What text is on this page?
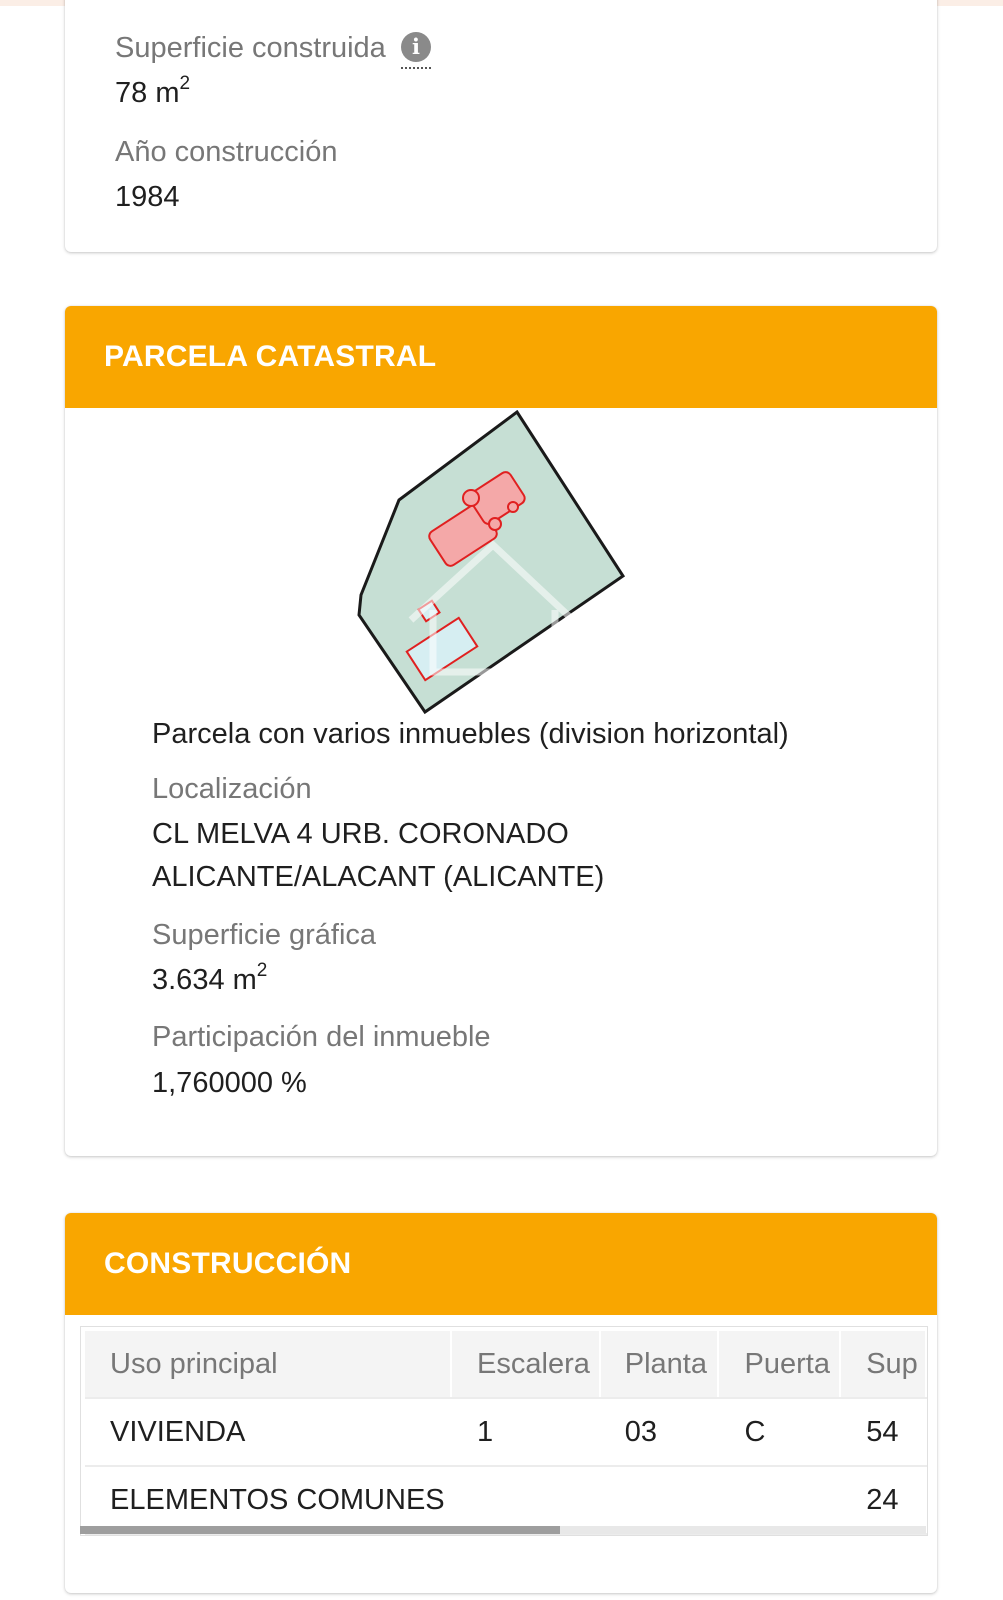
Superficie construida	i
78 $m^2$
Año construcción
1984
PARCELA CATASTRAL
Parcela con varios inmuebles (division horizontal)
Localización
CL MELVA 4 URB. CORONADO
ALICANTE/ALACANT (ALICANTE)
Superficie gráfica
3.634 $m^2$
Participación del inmueble
1,760000 %
CONSTRUCCIÓN
Uso principal	Escalera	Planta	Puerta	Sup
VIVIENDA	1	03	C	54
ELEMENTOS COMUNES				24
